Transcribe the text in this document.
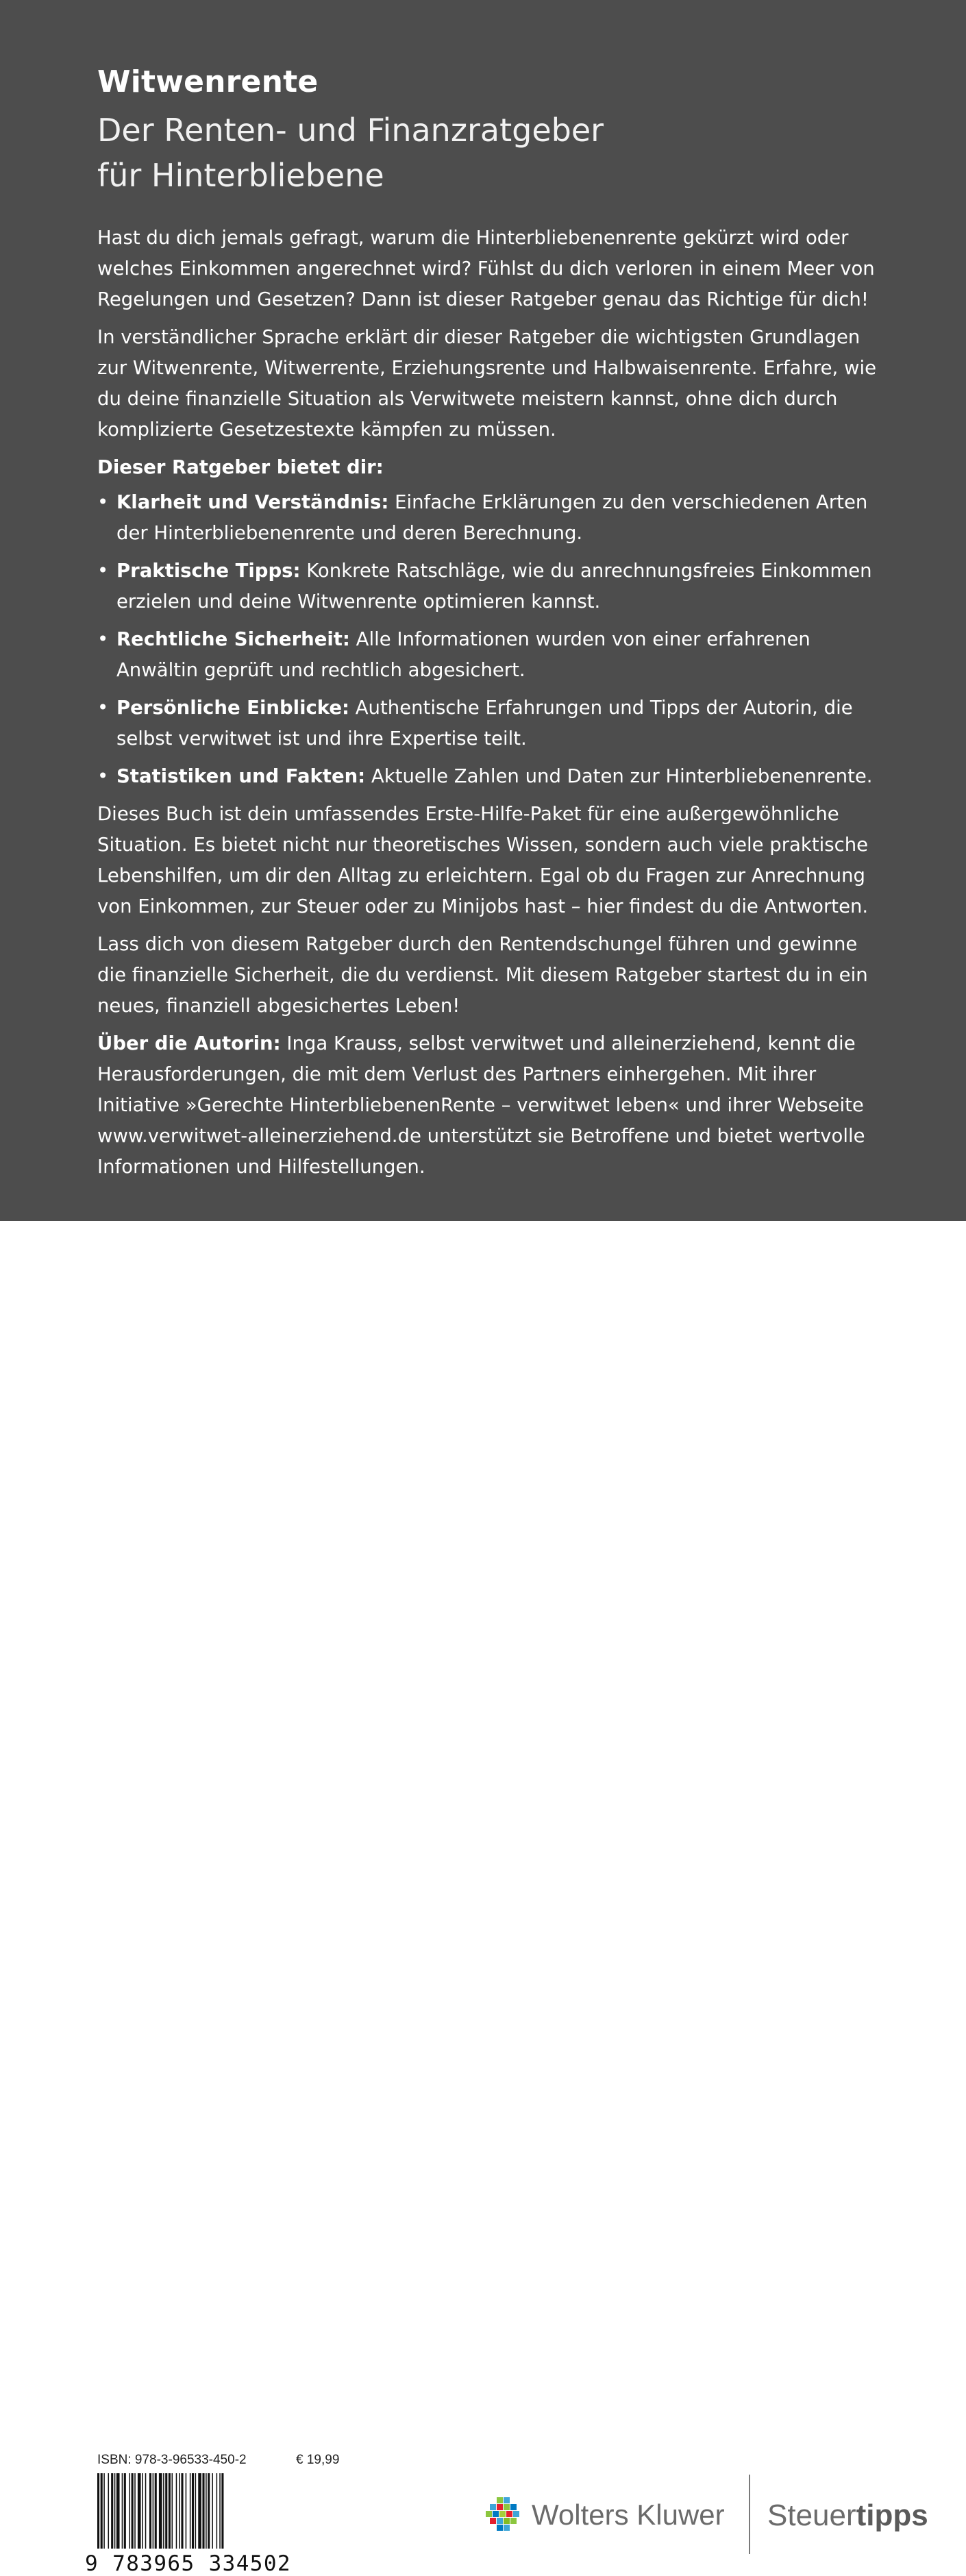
Witwenrente
Der Renten- und Finanzratgeber
für Hinterbliebene

Hast du dich jemals gefragt, warum die Hinterbliebenenrente gekürzt wird oder welches Einkommen angerechnet wird? Fühlst du dich verloren in einem Meer von Regelungen und Gesetzen? Dann ist dieser Ratgeber genau das Richtige für dich!

In verständlicher Sprache erklärt dir dieser Ratgeber die wichtigsten Grundlagen zur Witwenrente, Witwerrente, Erziehungsrente und Halbwaisenrente. Erfahre, wie du deine finanzielle Situation als Verwitwete meistern kannst, ohne dich durch komplizierte Gesetzestexte kämpfen zu müssen.

Dieser Ratgeber bietet dir:

• Klarheit und Verständnis: Einfache Erklärungen zu den verschiedenen Arten der Hinterbliebenenrente und deren Berechnung.
• Praktische Tipps: Konkrete Ratschläge, wie du anrechnungsfreies Einkommen erzielen und deine Witwenrente optimieren kannst.
• Rechtliche Sicherheit: Alle Informationen wurden von einer erfahrenen Anwältin geprüft und rechtlich abgesichert.
• Persönliche Einblicke: Authentische Erfahrungen und Tipps der Autorin, die selbst verwitwet ist und ihre Expertise teilt.
• Statistiken und Fakten: Aktuelle Zahlen und Daten zur Hinterbliebenenrente.

Dieses Buch ist dein umfassendes Erste-Hilfe-Paket für eine außergewöhnliche Situation. Es bietet nicht nur theoretisches Wissen, sondern auch viele praktische Lebenshilfen, um dir den Alltag zu erleichtern. Egal ob du Fragen zur Anrechnung von Einkommen, zur Steuer oder zu Minijobs hast – hier findest du die Antworten.

Lass dich von diesem Ratgeber durch den Rentendschungel führen und gewinne die finanzielle Sicherheit, die du verdienst. Mit diesem Ratgeber startest du in ein neues, finanziell abgesichertes Leben!

Über die Autorin: Inga Krauss, selbst verwitwet und alleinerziehend, kennt die Herausforderungen, die mit dem Verlust des Partners einhergehen. Mit ihrer Initiative »Gerechte HinterbliebenenRente – verwitwet leben« und ihrer Webseite www.verwitwet-alleinerziehend.de unterstützt sie Betroffene und bietet wertvolle Informationen und Hilfestellungen.

ISBN: 978-3-96533-450-2	€ 19,99
9 783965 334502
Wolters Kluwer Steuertipps
